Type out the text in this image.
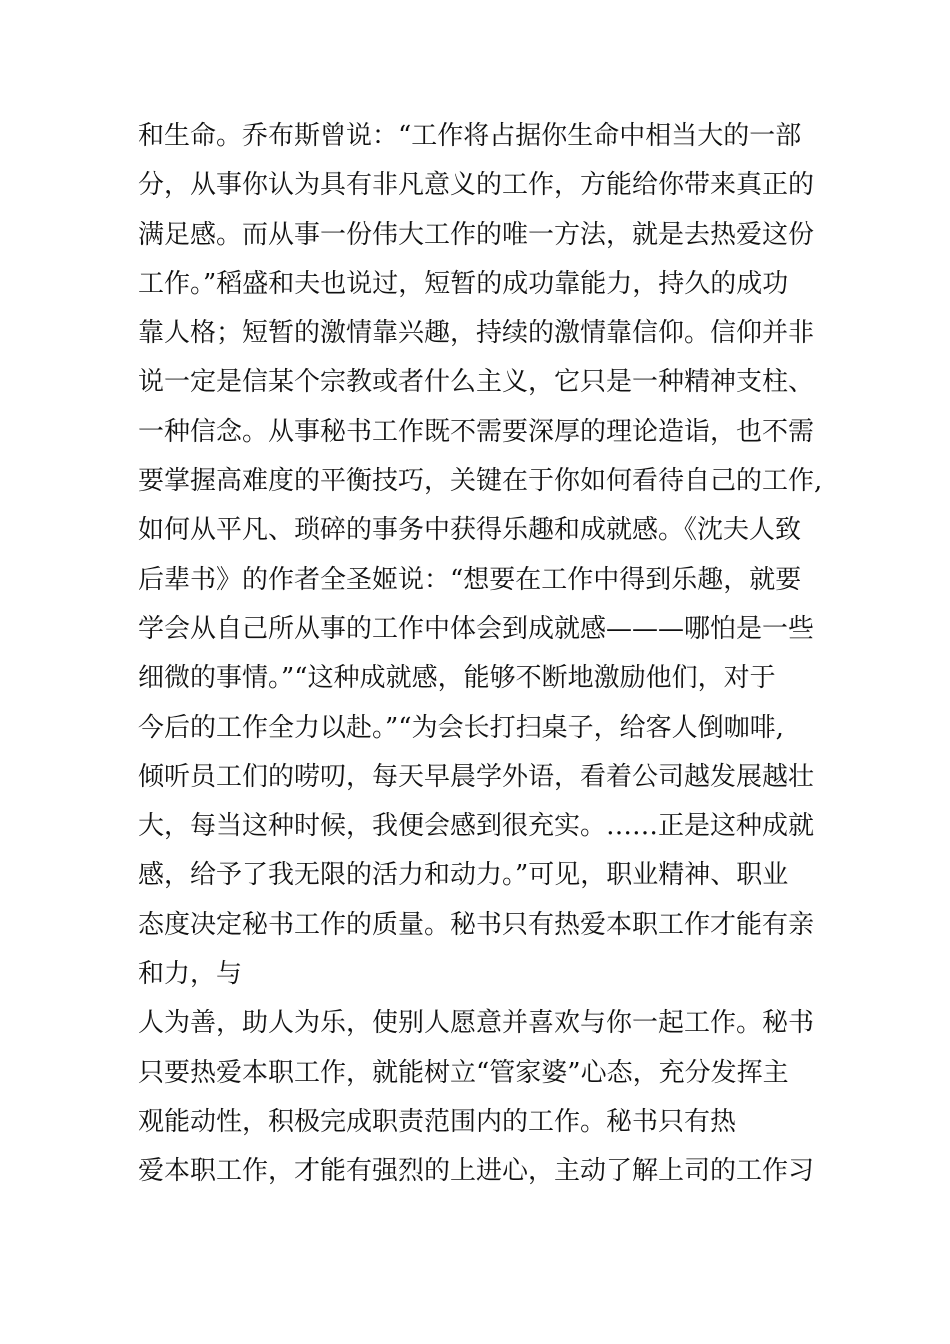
和生命。乔布斯曾说：“工作将占据你生命中相当大的一部
分，从事你认为具有非凡意义的工作，方能给你带来真正的
满足感。而从事一份伟大工作的唯一方法，就是去热爱这份
工作。”稻盛和夫也说过，短暂的成功靠能力，持久的成功
靠人格；短暂的激情靠兴趣，持续的激情靠信仰。信仰并非
说一定是信某个宗教或者什么主义，它只是一种精神支柱、
一种信念。从事秘书工作既不需要深厚的理论造诣，也不需
要掌握高难度的平衡技巧，关键在于你如何看待自己的工作,
如何从平凡、琐碎的事务中获得乐趣和成就感。《沈夫人致
后辈书》的作者全圣姬说：“想要在工作中得到乐趣，就要
学会从自己所从事的工作中体会到成就感———哪怕是一些
细微的事情。”“这种成就感，能够不断地激励他们，对于
今后的工作全力以赴。”“为会长打扫桌子，给客人倒咖啡,
倾听员工们的唠叨，每天早晨学外语，看着公司越发展越壮
大，每当这种时候，我便会感到很充实。……正是这种成就
感，给予了我无限的活力和动力。”可见，职业精神、职业
态度决定秘书工作的质量。秘书只有热爱本职工作才能有亲
和力，与
人为善，助人为乐，使别人愿意并喜欢与你一起工作。秘书
只要热爱本职工作，就能树立“管家婆”心态，充分发挥主
观能动性，积极完成职责范围内的工作。秘书只有热
爱本职工作，才能有强烈的上进心，主动了解上司的工作习
